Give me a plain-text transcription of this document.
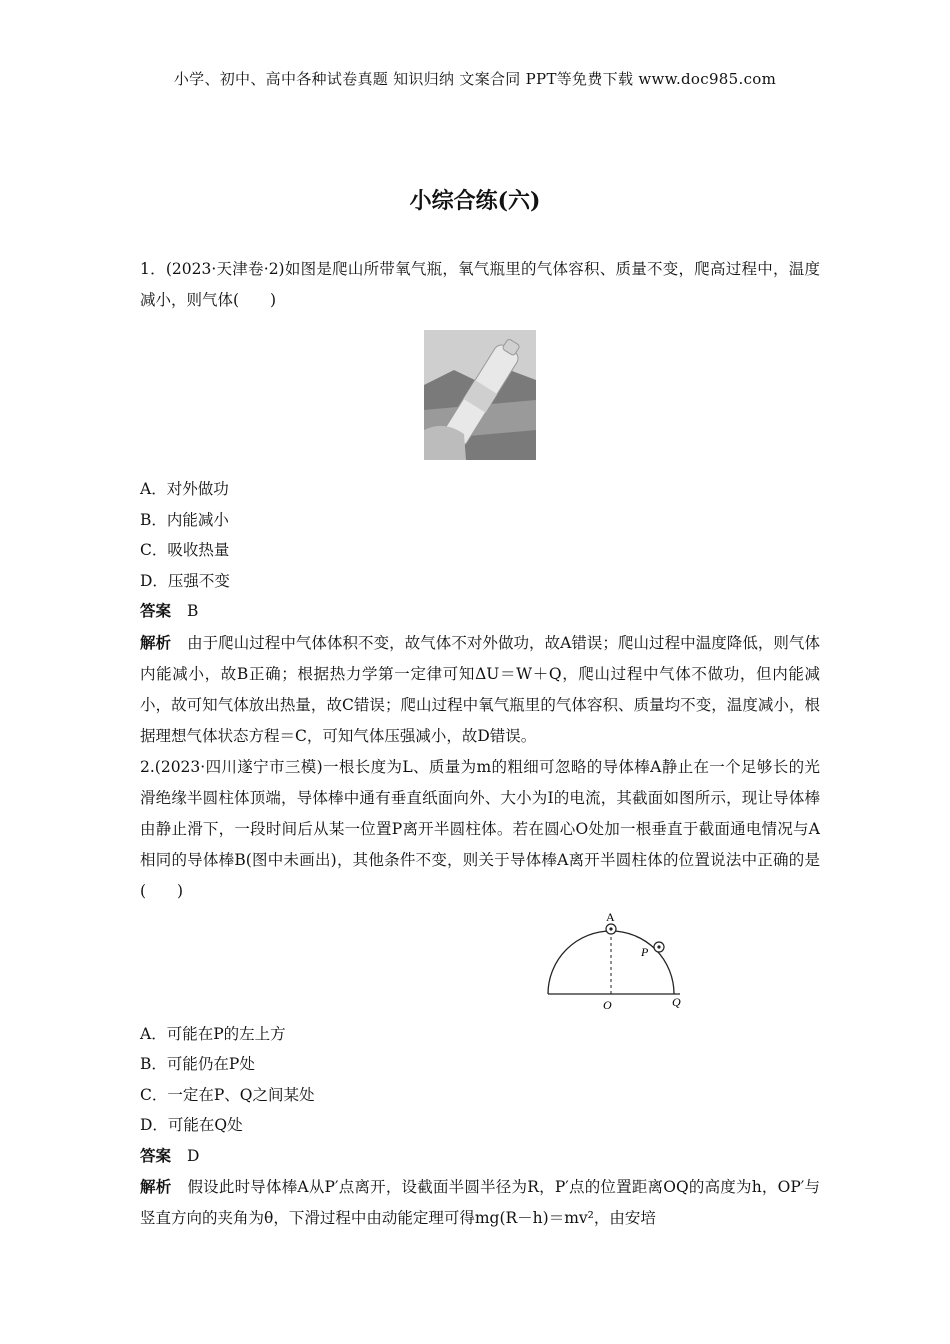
小学、初中、高中各种试卷真题 知识归纳 文案合同 PPT等免费下载 www.doc985.com
小综合练(六)

1．(2023·天津卷·2)如图是爬山所带氧气瓶，氧气瓶里的气体容积、质量不变，爬高过程中，温度减小，则气体(　　)

A．对外做功

B．内能减小

C．吸收热量

D．压强不变

答案 B

解析 由于爬山过程中气体体积不变，故气体不对外做功，故A错误；爬山过程中温度降低，则气体内能减小，故B正确；根据热力学第一定律可知ΔU＝W＋Q，爬山过程中气体不做功，但内能减小，故可知气体放出热量，故C错误；爬山过程中氧气瓶里的气体容积、质量均不变，温度减小，根据理想气体状态方程＝C，可知气体压强减小，故D错误。

2.(2023·四川遂宁市三模)一根长度为L、质量为m的粗细可忽略的导体棒A静止在一个足够长的光滑绝缘半圆柱体顶端，导体棒中通有垂直纸面向外、大小为I的电流，其截面如图所示，现让导体棒由静止滑下，一段时间后从某一位置P离开半圆柱体。若在圆心O处加一根垂直于截面通电情况与A相同的导体棒B(图中未画出)，其他条件不变，则关于导体棒A离开半圆柱体的位置说法中正确的是(　　)

A
P
O	Q

A．可能在P的左上方

B．可能仍在P处

C．一定在P、Q之间某处

D．可能在Q处

答案 D

解析 假设此时导体棒A从P′点离开，设截面半圆半径为R，P′点的位置距离OQ的高度为h，OP′与竖直方向的夹角为θ，下滑过程中由动能定理可得mg(R－h)＝mv²，由安培
